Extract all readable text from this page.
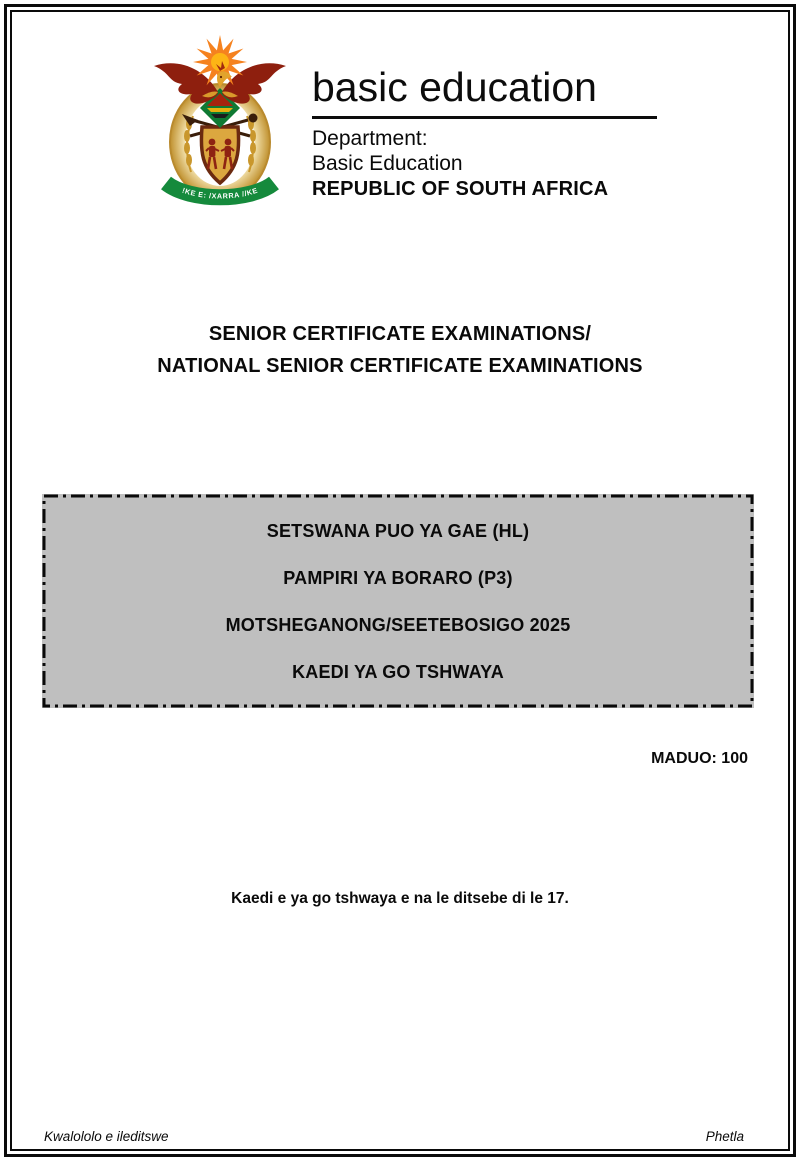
!KE E: /XARRA //KE
basic education
Department:
Basic Education
REPUBLIC OF SOUTH AFRICA
SENIOR CERTIFICATE EXAMINATIONS/
NATIONAL SENIOR CERTIFICATE EXAMINATIONS
SETSWANA PUO YA GAE (HL)
PAMPIRI YA BORARO (P3)
MOTSHEGANONG/SEETEBOSIGO 2025
KAEDI YA GO TSHWAYA
MADUO: 100
Kaedi e ya go tshwaya e na le ditsebe di le 17.
Kwalololo e ileditswe	Phetla
